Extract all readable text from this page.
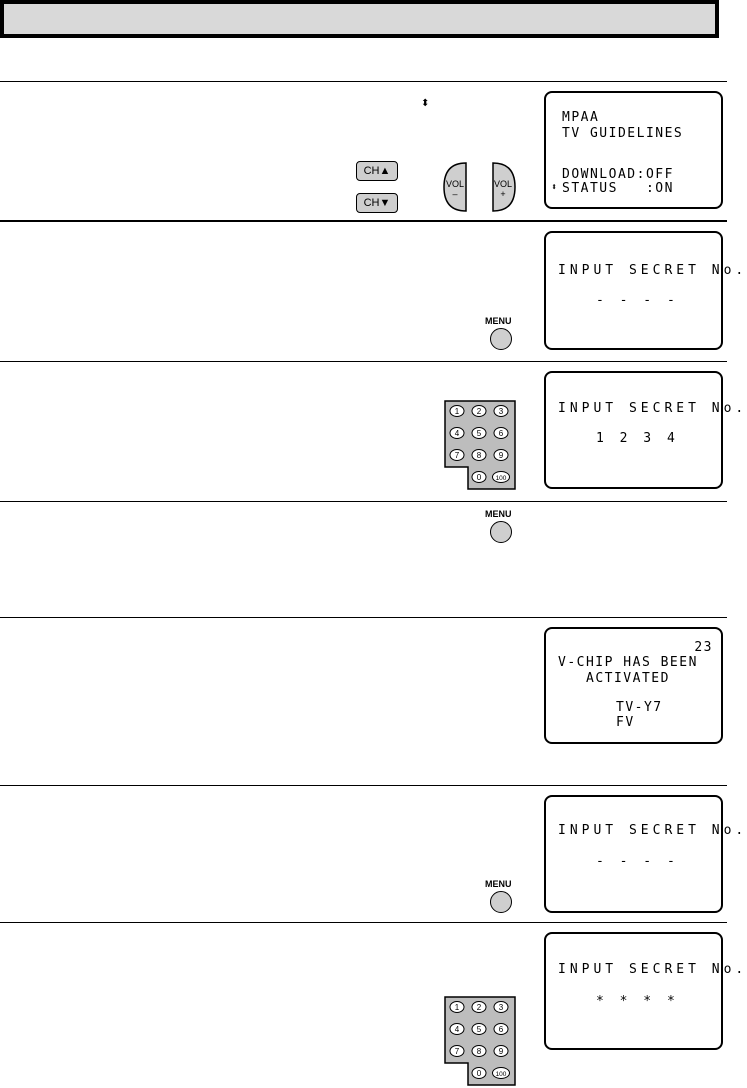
⬍
CH▲
CH▼
VOL
–
VOL
+
MPAA
TV GUIDELINES
DOWNLOAD:OFF
⬍ STATUS   :ON
MENU
INPUT SECRET No.
- - - -
1 2 3
4 5 6
7 8 9
0 100
INPUT SECRET No.
1 2 3 4
MENU
23
V-CHIP HAS BEEN
ACTIVATED
TV-Y7
FV
MENU
INPUT SECRET No.
- - - -
1 2 3
4 5 6
7 8 9
0 100
INPUT SECRET No.
* * * *
